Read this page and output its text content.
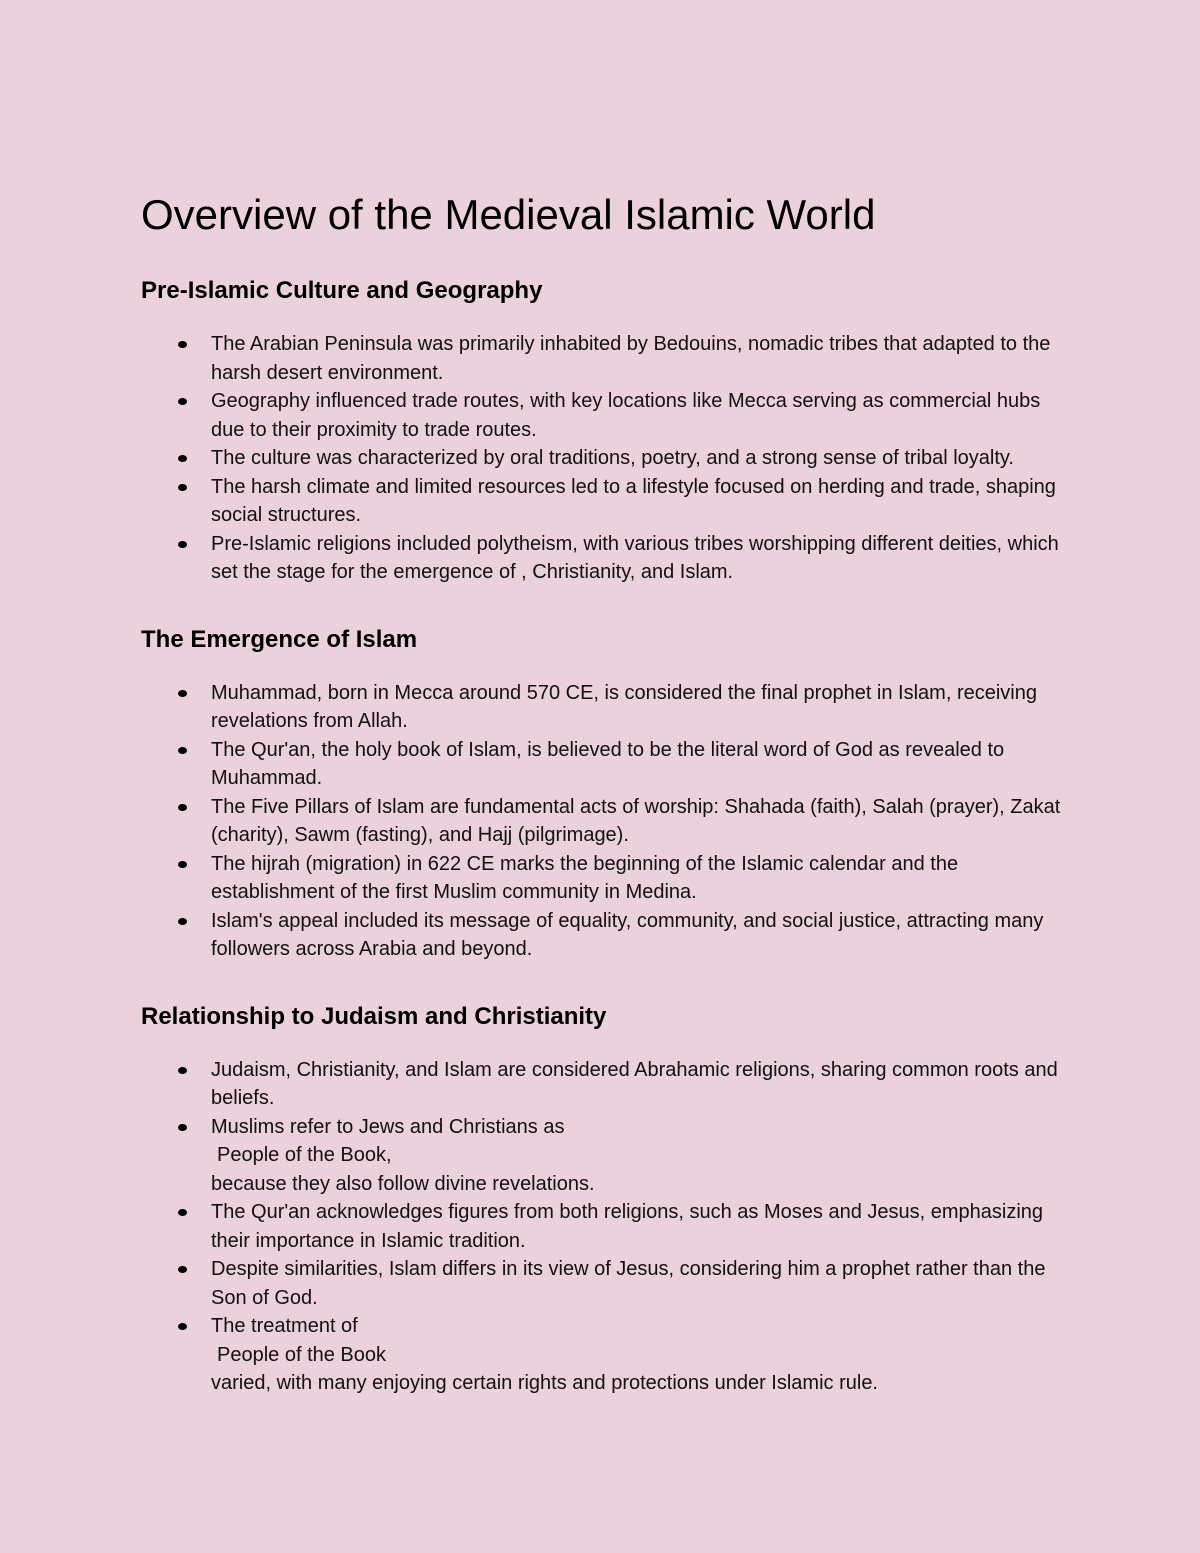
Overview of the Medieval Islamic World
Pre-Islamic Culture and Geography
The Arabian Peninsula was primarily inhabited by Bedouins, nomadic tribes that adapted to the harsh desert environment.
Geography influenced trade routes, with key locations like Mecca serving as commercial hubs due to their proximity to trade routes.
The culture was characterized by oral traditions, poetry, and a strong sense of tribal loyalty.
The harsh climate and limited resources led to a lifestyle focused on herding and trade, shaping social structures.
Pre-Islamic religions included polytheism, with various tribes worshipping different deities, which set the stage for the emergence of , Christianity, and Islam.
The Emergence of Islam
Muhammad, born in Mecca around 570 CE, is considered the final prophet in Islam, receiving revelations from Allah.
The Qur'an, the holy book of Islam, is believed to be the literal word of God as revealed to Muhammad.
The Five Pillars of Islam are fundamental acts of worship: Shahada (faith), Salah (prayer), Zakat (charity), Sawm (fasting), and Hajj (pilgrimage).
The hijrah (migration) in 622 CE marks the beginning of the Islamic calendar and the establishment of the first Muslim community in Medina.
Islam's appeal included its message of equality, community, and social justice, attracting many followers across Arabia and beyond.
Relationship to Judaism and Christianity
Judaism, Christianity, and Islam are considered Abrahamic religions, sharing common roots and beliefs.
Muslims refer to Jews and Christians as
People of the Book,
because they also follow divine revelations.
The Qur'an acknowledges figures from both religions, such as Moses and Jesus, emphasizing their importance in Islamic tradition.
Despite similarities, Islam differs in its view of Jesus, considering him a prophet rather than the Son of God.
The treatment of
People of the Book
varied, with many enjoying certain rights and protections under Islamic rule.
